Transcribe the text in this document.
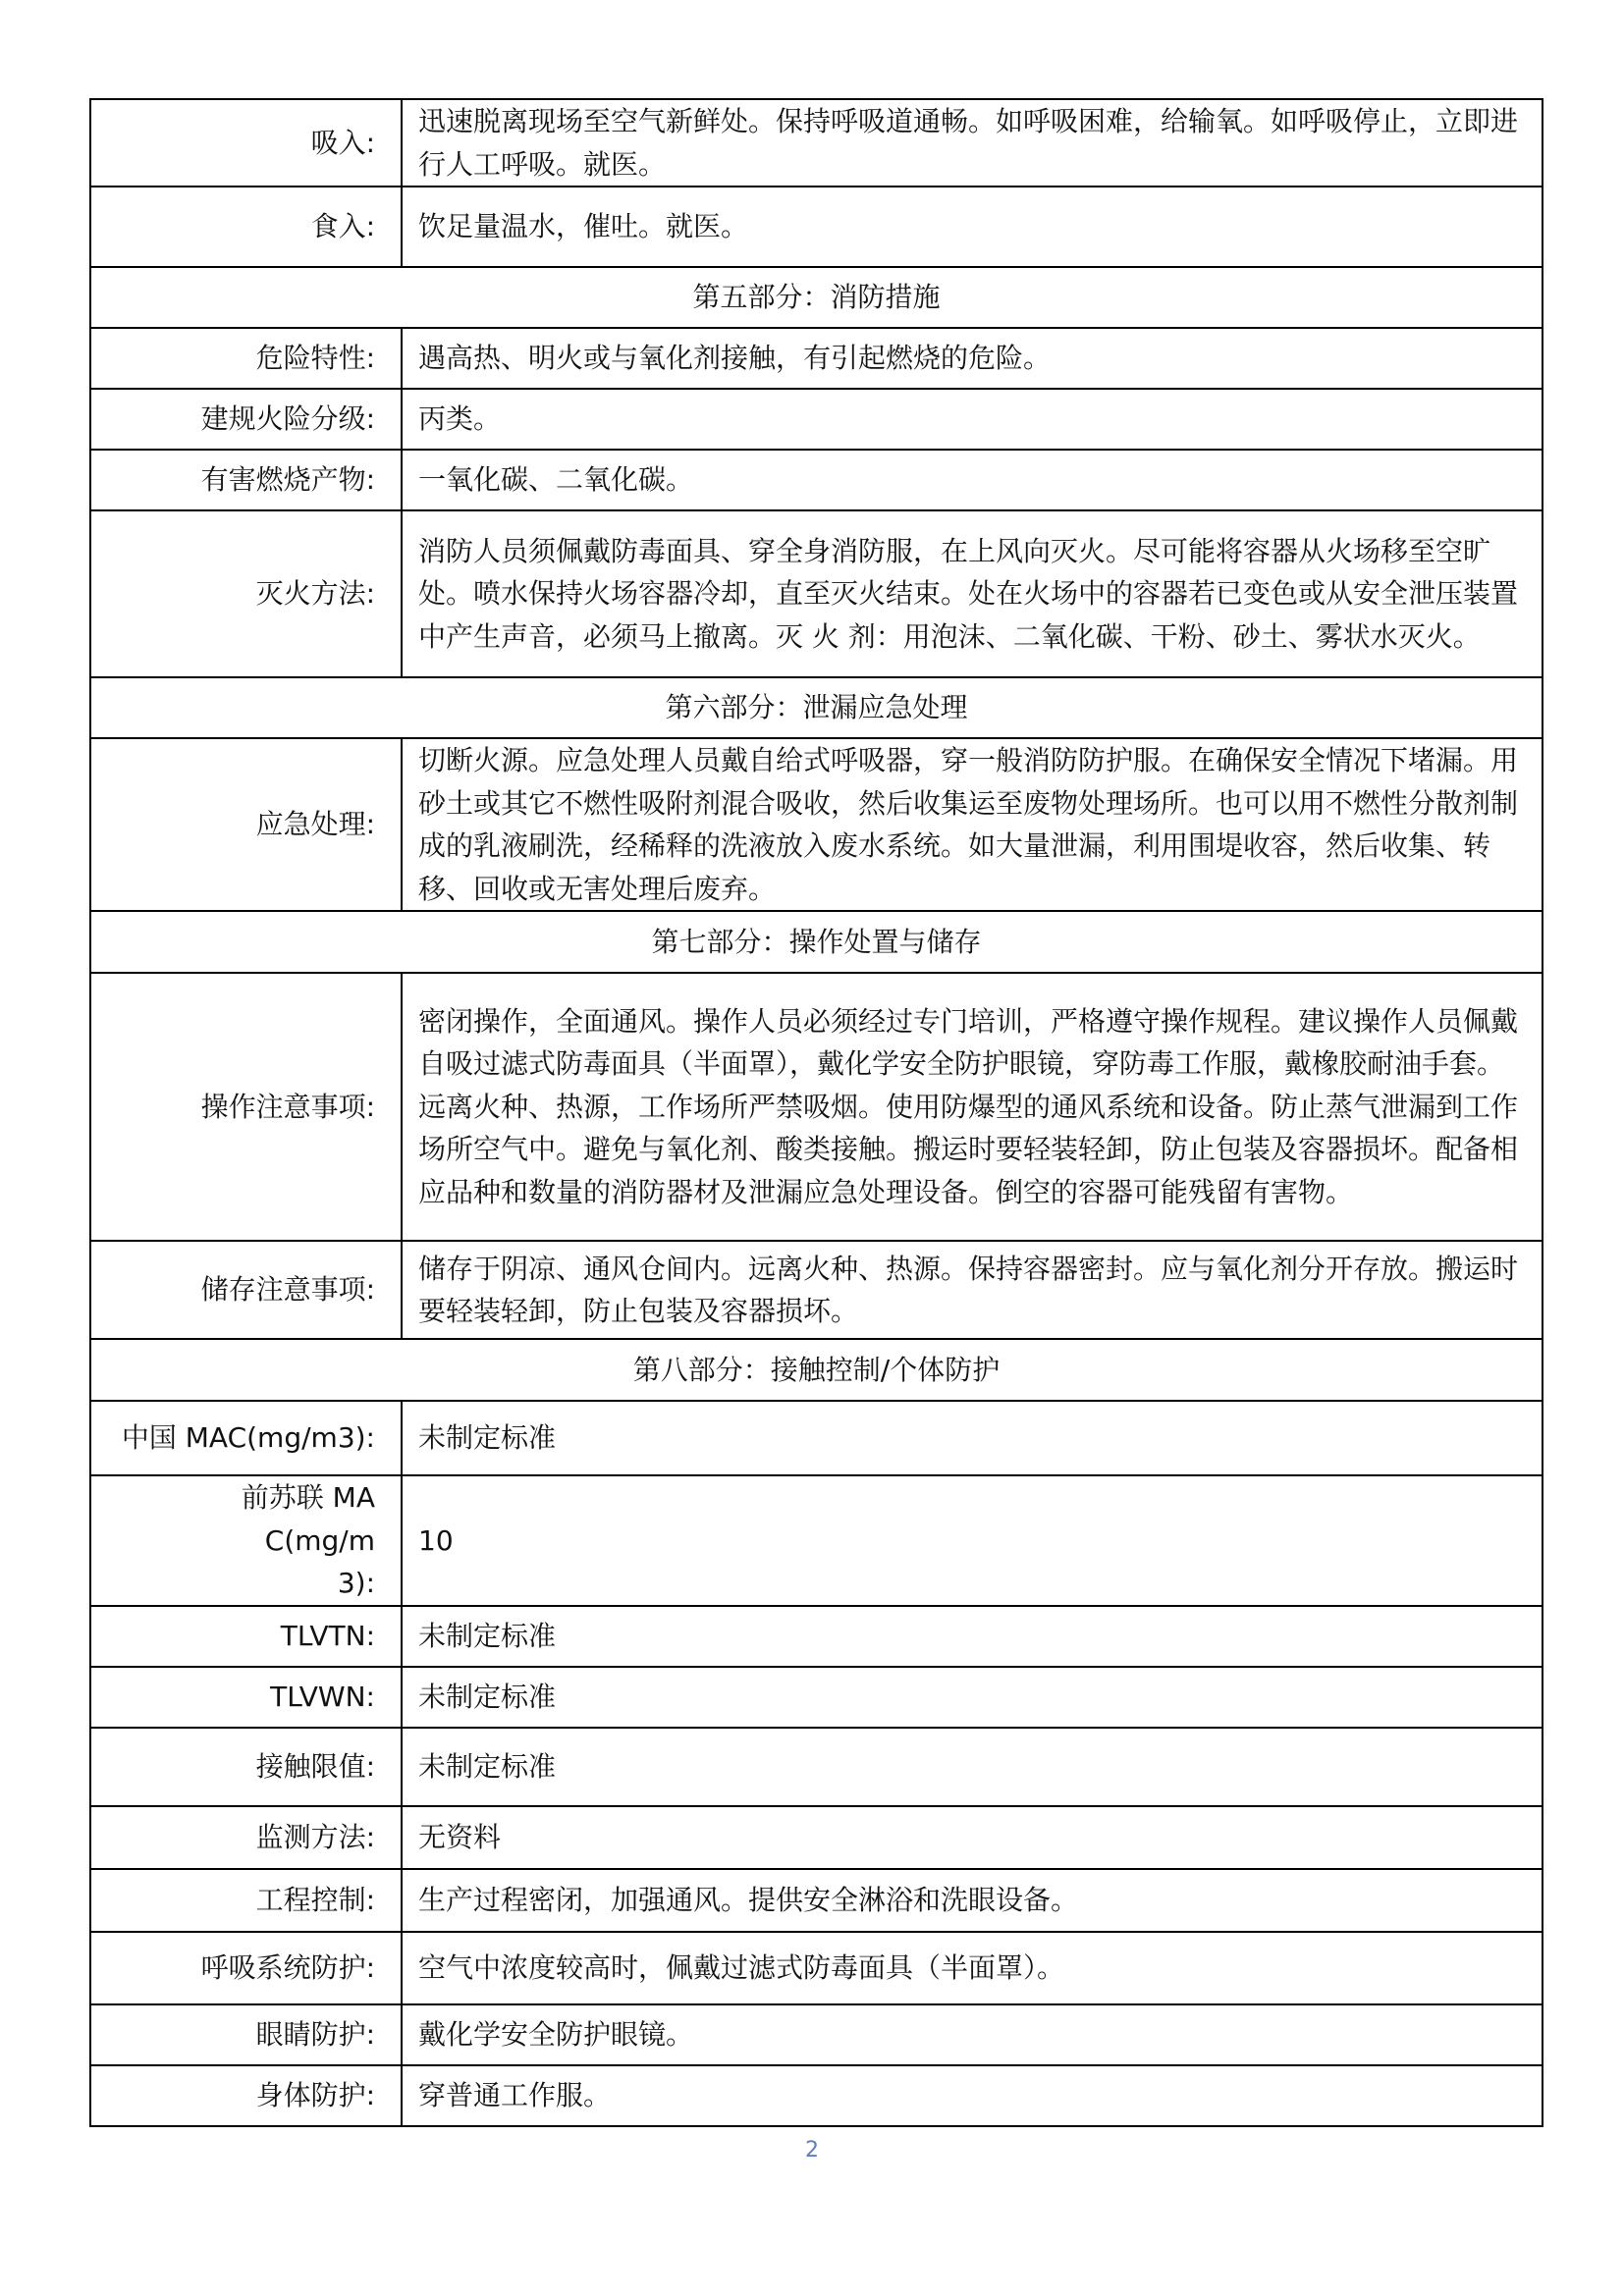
吸入:	迅速脱离现场至空气新鲜处。保持呼吸道通畅。如呼吸困难，给输氧。如呼吸停止，立即进行人工呼吸。就医。
食入:	饮足量温水，催吐。就医。
第五部分：消防措施	
危险特性:	遇高热、明火或与氧化剂接触，有引起燃烧的危险。
建规火险分级:	丙类。
有害燃烧产物:	一氧化碳、二氧化碳。
灭火方法:	消防人员须佩戴防毒面具、穿全身消防服，在上风向灭火。尽可能将容器从火场移至空旷处。喷水保持火场容器冷却，直至灭火结束。处在火场中的容器若已变色或从安全泄压装置中产生声音，必须马上撤离。灭 火 剂：用泡沫、二氧化碳、干粉、砂土、雾状水灭火。
第六部分：泄漏应急处理	
应急处理:	切断火源。应急处理人员戴自给式呼吸器，穿一般消防防护服。在确保安全情况下堵漏。用砂土或其它不燃性吸附剂混合吸收，然后收集运至废物处理场所。也可以用不燃性分散剂制成的乳液刷洗，经稀释的洗液放入废水系统。如大量泄漏，利用围堤收容，然后收集、转移、回收或无害处理后废弃。
第七部分：操作处置与储存	
操作注意事项:	密闭操作，全面通风。操作人员必须经过专门培训，严格遵守操作规程。建议操作人员佩戴自吸过滤式防毒面具（半面罩），戴化学安全防护眼镜，穿防毒工作服，戴橡胶耐油手套。远离火种、热源，工作场所严禁吸烟。使用防爆型的通风系统和设备。防止蒸气泄漏到工作场所空气中。避免与氧化剂、酸类接触。搬运时要轻装轻卸，防止包装及容器损坏。配备相应品种和数量的消防器材及泄漏应急处理设备。倒空的容器可能残留有害物。
储存注意事项:	储存于阴凉、通风仓间内。远离火种、热源。保持容器密封。应与氧化剂分开存放。搬运时要轻装轻卸，防止包装及容器损坏。
第八部分：接触控制/个体防护	
中国 MAC(mg/m3):	未制定标准
前苏联 MAC(mg/m3):	10
TLVTN:	未制定标准
TLVWN:	未制定标准
接触限值:	未制定标准
监测方法:	无资料
工程控制:	生产过程密闭，加强通风。提供安全淋浴和洗眼设备。
呼吸系统防护:	空气中浓度较高时，佩戴过滤式防毒面具（半面罩）。
眼睛防护:	戴化学安全防护眼镜。
身体防护:	穿普通工作服。
2
